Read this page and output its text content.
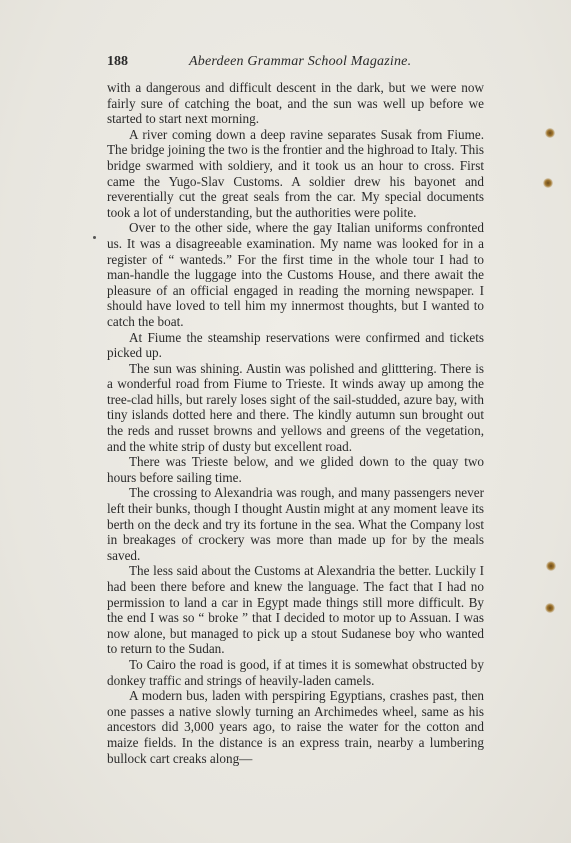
188	Aberdeen Grammar School Magazine.

with a dangerous and difficult descent in the dark, but we were now fairly sure of catching the boat, and the sun was well up before we started to start next morning.

A river coming down a deep ravine separates Susak from Fiume. The bridge joining the two is the frontier and the highroad to Italy. This bridge swarmed with soldiery, and it took us an hour to cross. First came the Yugo-Slav Customs. A soldier drew his bayonet and reverentially cut the great seals from the car. My special documents took a lot of understanding, but the authorities were polite.

Over to the other side, where the gay Italian uniforms confronted us. It was a disagreeable examination. My name was looked for in a register of “ wanteds.” For the first time in the whole tour I had to man-handle the luggage into the Customs House, and there await the pleasure of an official engaged in reading the morning newspaper. I should have loved to tell him my innermost thoughts, but I wanted to catch the boat.

At Fiume the steamship reservations were confirmed and tickets picked up.

The sun was shining. Austin was polished and glitttering. There is a wonderful road from Fiume to Trieste. It winds away up among the tree-clad hills, but rarely loses sight of the sail-studded, azure bay, with tiny islands dotted here and there. The kindly autumn sun brought out the reds and russet browns and yellows and greens of the vegetation, and the white strip of dusty but excellent road.

There was Trieste below, and we glided down to the quay two hours before sailing time.

The crossing to Alexandria was rough, and many passengers never left their bunks, though I thought Austin might at any moment leave its berth on the deck and try its fortune in the sea. What the Company lost in breakages of crockery was more than made up for by the meals saved.

The less said about the Customs at Alexandria the better. Luckily I had been there before and knew the language. The fact that I had no permission to land a car in Egypt made things still more difficult. By the end I was so “ broke ” that I decided to motor up to Assuan. I was now alone, but managed to pick up a stout Sudanese boy who wanted to return to the Sudan.

To Cairo the road is good, if at times it is somewhat obstructed by donkey traffic and strings of heavily-laden camels.

A modern bus, laden with perspiring Egyptians, crashes past, then one passes a native slowly turning an Archimedes wheel, same as his ancestors did 3,000 years ago, to raise the water for the cotton and maize fields. In the distance is an express train, nearby a lumbering bullock cart creaks along—
